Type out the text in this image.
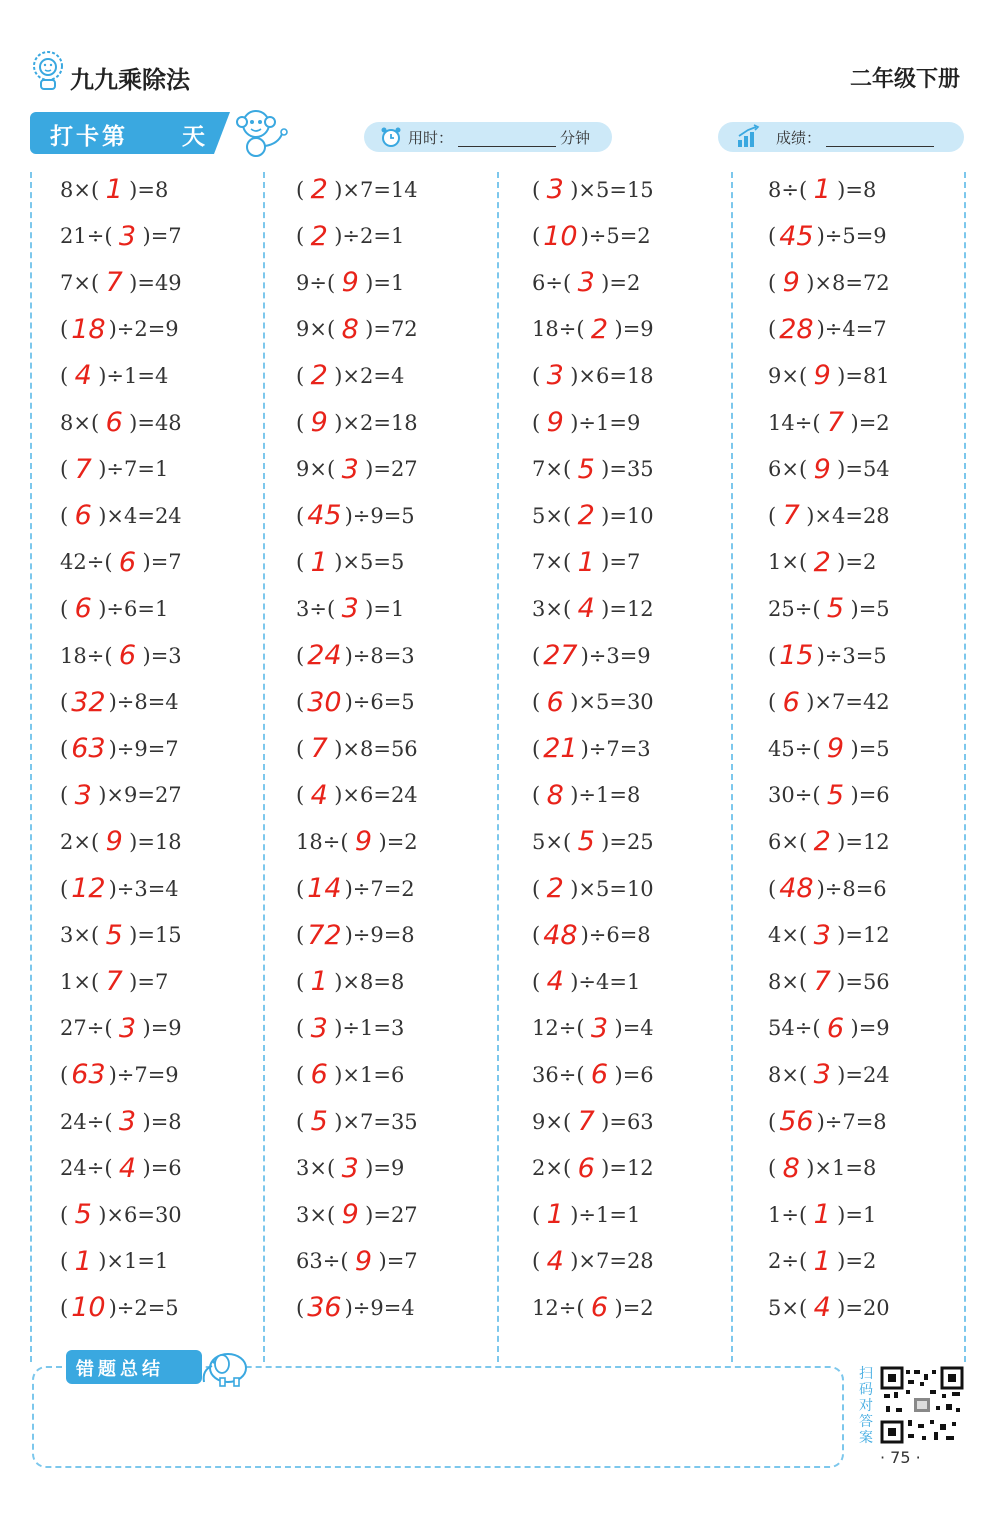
九九乘除法	二年级下册
打卡第 天	用时：	分钟	成绩：
8×( 1 )=8
21÷( 3 )=7
7×( 7 )=49
( 18 )÷2=9
( 4 )÷1=4
8×( 6 )=48
( 7 )÷7=1
( 6 )×4=24
42÷( 6 )=7
( 6 )÷6=1
18÷( 6 )=3
( 32 )÷8=4
( 63 )÷9=7
( 3 )×9=27
2×( 9 )=18
( 12 )÷3=4
3×( 5 )=15
1×( 7 )=7
27÷( 3 )=9
( 63 )÷7=9
24÷( 3 )=8
24÷( 4 )=6
( 5 )×6=30
( 1 )×1=1
( 10 )÷2=5
( 2 )×7=14
( 2 )÷2=1
9÷( 9 )=1
9×( 8 )=72
( 2 )×2=4
( 9 )×2=18
9×( 3 )=27
( 45 )÷9=5
( 1 )×5=5
3÷( 3 )=1
( 24 )÷8=3
( 30 )÷6=5
( 7 )×8=56
( 4 )×6=24
18÷( 9 )=2
( 14 )÷7=2
( 72 )÷9=8
( 1 )×8=8
( 3 )÷1=3
( 6 )×1=6
( 5 )×7=35
3×( 3 )=9
3×( 9 )=27
63÷( 9 )=7
( 36 )÷9=4
( 3 )×5=15
( 10 )÷5=2
6÷( 3 )=2
18÷( 2 )=9
( 3 )×6=18
( 9 )÷1=9
7×( 5 )=35
5×( 2 )=10
7×( 1 )=7
3×( 4 )=12
( 27 )÷3=9
( 6 )×5=30
( 21 )÷7=3
( 8 )÷1=8
5×( 5 )=25
( 2 )×5=10
( 48 )÷6=8
( 4 )÷4=1
12÷( 3 )=4
36÷( 6 )=6
9×( 7 )=63
2×( 6 )=12
( 1 )÷1=1
( 4 )×7=28
12÷( 6 )=2
8÷( 1 )=8
( 45 )÷5=9
( 9 )×8=72
( 28 )÷4=7
9×( 9 )=81
14÷( 7 )=2
6×( 9 )=54
( 7 )×4=28
1×( 2 )=2
25÷( 5 )=5
( 15 )÷3=5
( 6 )×7=42
45÷( 9 )=5
30÷( 5 )=6
6×( 2 )=12
( 48 )÷8=6
4×( 3 )=12
8×( 7 )=56
54÷( 6 )=9
8×( 3 )=24
( 56 )÷7=8
( 8 )×1=8
1÷( 1 )=1
2÷( 1 )=2
5×( 4 )=20
错题总结	扫码对答案
· 75 ·
